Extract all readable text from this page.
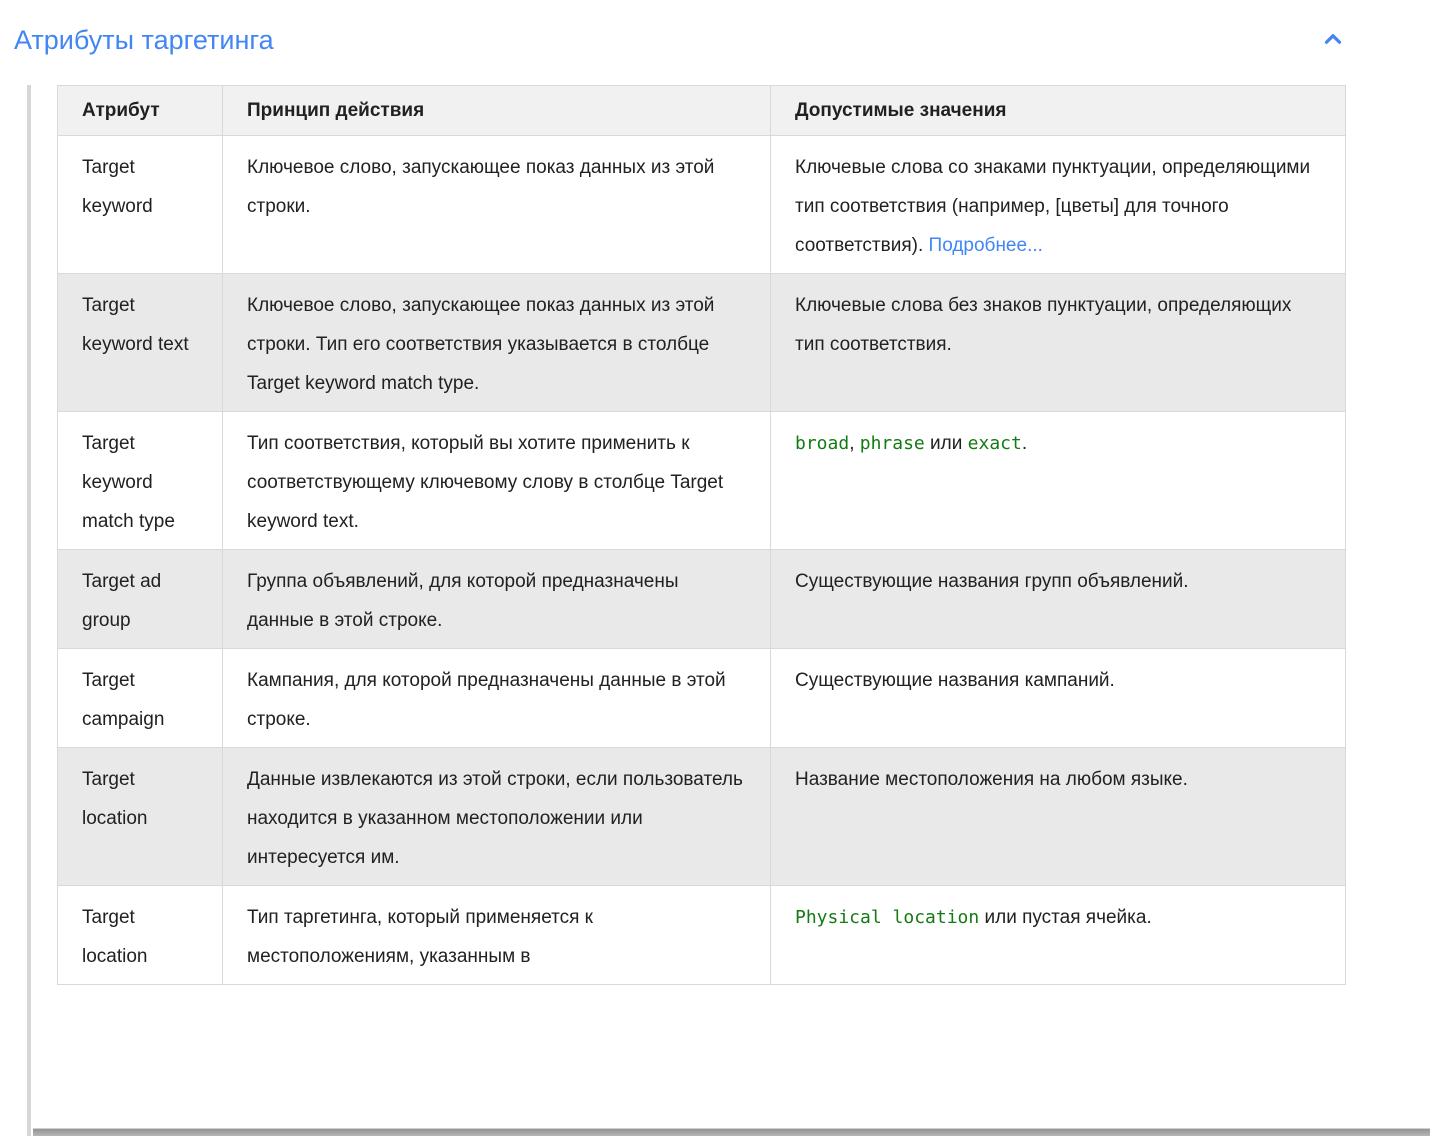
Атрибуты таргетинга
Атрибут	Принцип действия	Допустимые значения
Target keyword	Ключевое слово, запускающее показ данных из этой строки.	Ключевые слова со знаками пунктуации, определяющими тип соответствия (например, [цветы] для точного соответствия). Подробнее...
Target keyword text	Ключевое слово, запускающее показ данных из этой строки. Тип его соответствия указывается в столбце Target keyword match type.	Ключевые слова без знаков пунктуации, определяющих тип соответствия.
Target keyword match type	Тип соответствия, который вы хотите применить к соответствующему ключевому слову в столбце Target keyword text.	broad, phrase или exact.
Target ad group	Группа объявлений, для которой предназначены данные в этой строке.	Существующие названия групп объявлений.
Target campaign	Кампания, для которой предназначены данные в этой строке.	Существующие названия кампаний.
Target location	Данные извлекаются из этой строки, если пользователь находится в указанном местоположении или интересуется им.	Название местоположения на любом языке.
Target location	Тип таргетинга, который применяется к местоположениям, указанным в	Physical location или пустая ячейка.
